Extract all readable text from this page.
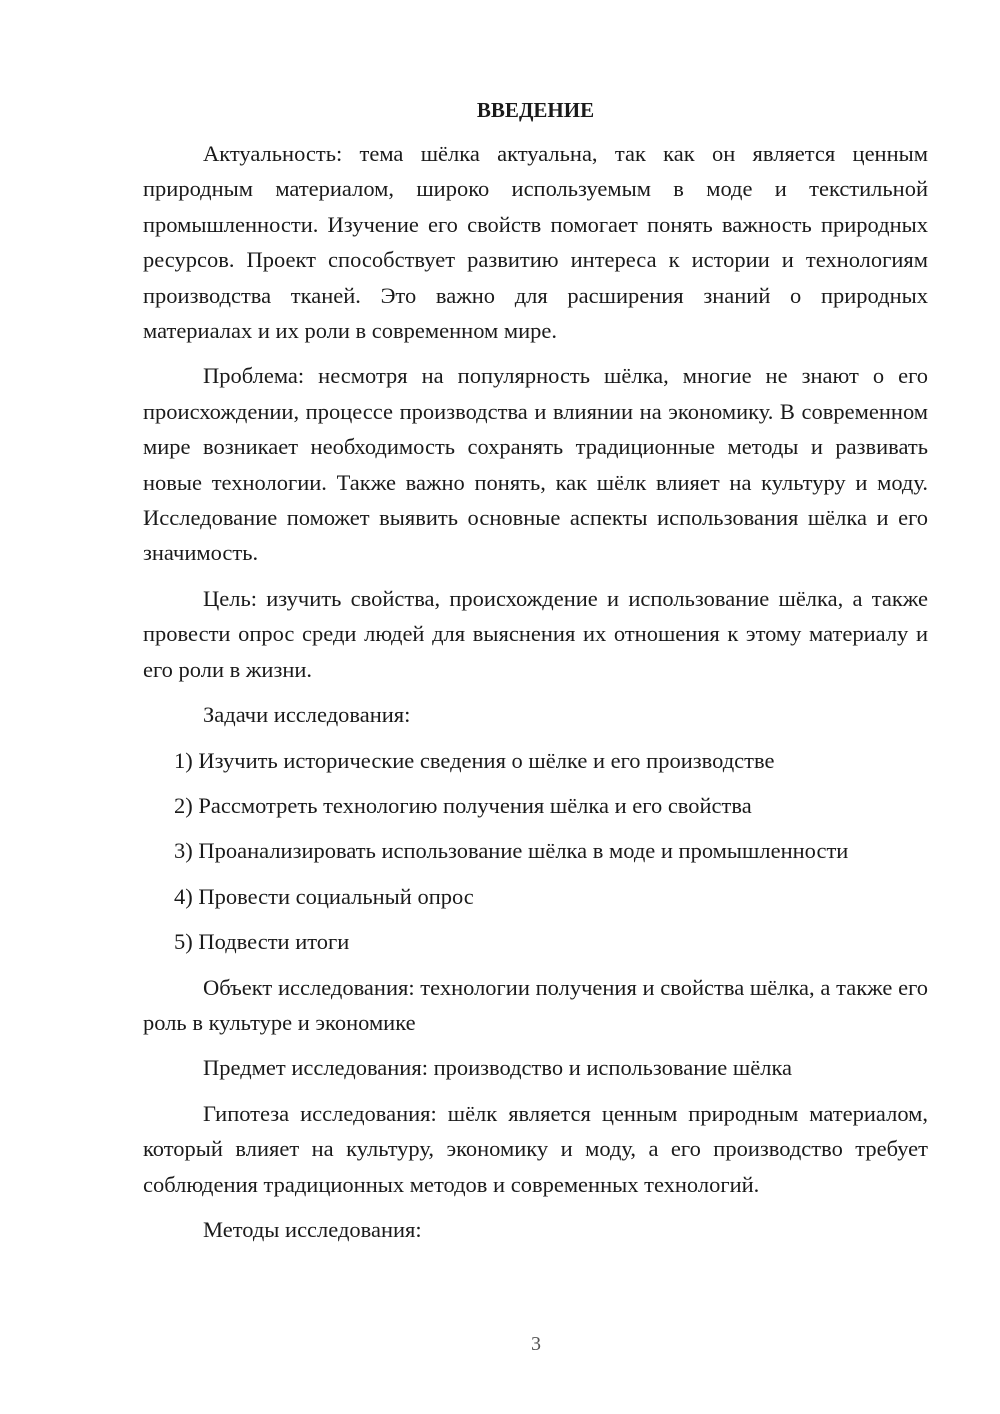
ВВЕДЕНИЕ

Актуальность: тема шёлка актуальна, так как он является ценным природным материалом, широко используемым в моде и текстильной промышленности. Изучение его свойств помогает понять важность природных ресурсов. Проект способствует развитию интереса к истории и технологиям производства тканей. Это важно для расширения знаний о природных материалах и их роли в современном мире.

Проблема: несмотря на популярность шёлка, многие не знают о его происхождении, процессе производства и влиянии на экономику. В современном мире возникает необходимость сохранять традиционные методы и развивать новые технологии. Также важно понять, как шёлк влияет на культуру и моду. Исследование поможет выявить основные аспекты использования шёлка и его значимость.

Цель: изучить свойства, происхождение и использование шёлка, а также провести опрос среди людей для выяснения их отношения к этому материалу и его роли в жизни.

Задачи исследования:

1) Изучить исторические сведения о шёлке и его производстве
2) Рассмотреть технологию получения шёлка и его свойства
3) Проанализировать использование шёлка в моде и промышленности
4) Провести социальный опрос
5) Подвести итоги

Объект исследования: технологии получения и свойства шёлка, а также его роль в культуре и экономике

Предмет исследования: производство и использование шёлка

Гипотеза исследования: шёлк является ценным природным материалом, который влияет на культуру, экономику и моду, а его производство требует соблюдения традиционных методов и современных технологий.

Методы исследования:

3
